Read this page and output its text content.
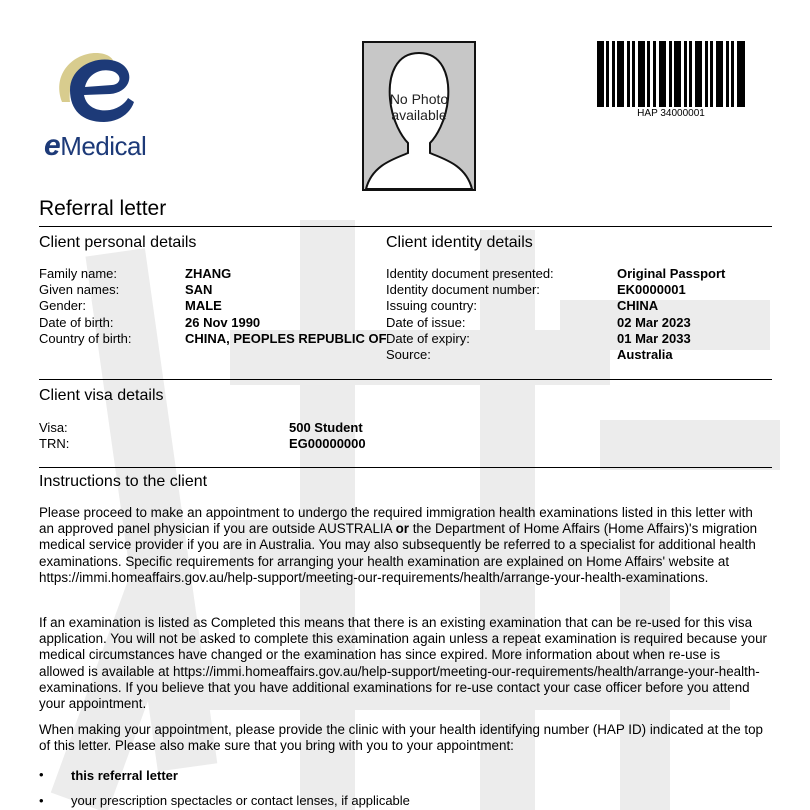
eMedical
No Photo
available	HAP 34000001
Referral letter
Client personal details
Family name:	ZHANG
Given names:	SAN
Gender:	MALE
Date of birth:	26 Nov 1990
Country of birth:	CHINA, PEOPLES REPUBLIC OF
Client identity details
Identity document presented:	Original Passport
Identity document number:	EK0000001
Issuing country:	CHINA
Date of issue:	02 Mar 2023
Date of expiry:	01 Mar 2033
Source:	Australia
Client visa details
Visa:	500 Student
TRN:	EG00000000
Instructions to the client
Please proceed to make an appointment to undergo the required immigration health examinations listed in this letter with an approved panel physician if you are outside AUSTRALIA or the Department of Home Affairs (Home Affairs)'s migration medical service provider if you are in Australia. You may also subsequently be referred to a specialist for additional health examinations. Specific requirements for arranging your health examination are explained on Home Affairs' website at https://immi.homeaffairs.gov.au/help-support/meeting-our-requirements/health/arrange-your-health-examinations.
If an examination is listed as Completed this means that there is an existing examination that can be re-used for this visa application. You will not be asked to complete this examination again unless a repeat examination is required because your medical circumstances have changed or the examination has since expired. More information about when re-use is allowed is available at https://immi.homeaffairs.gov.au/help-support/meeting-our-requirements/health/arrange-your-health-examinations. If you believe that you have additional examinations for re-use contact your case officer before you attend your appointment.
When making your appointment, please provide the clinic with your health identifying number (HAP ID) indicated at the top of this letter. Please also make sure that you bring with you to your appointment:
• this referral letter
• your prescription spectacles or contact lenses, if applicable
